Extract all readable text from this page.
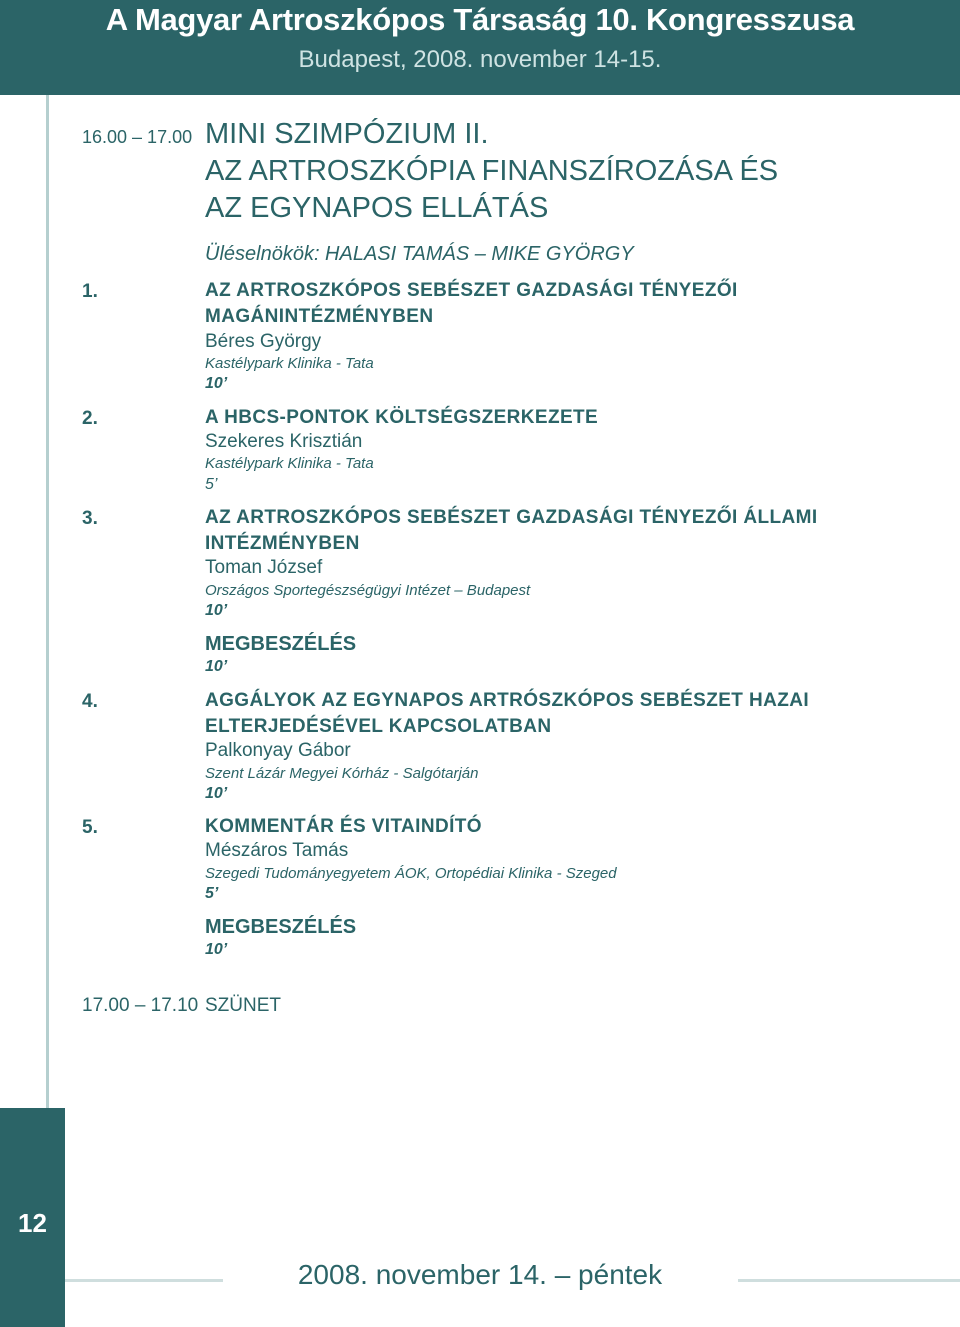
A Magyar Artroszkópos Társaság 10. Kongresszusa
Budapest, 2008. november 14-15.
16.00 – 17.00 MINI SZIMPÓZIUM II.
AZ ARTROSZKÓPIA FINANSZÍROZÁSA ÉS
AZ EGYNAPOS ELLÁTÁS
Üléselnökök: HALASI TAMÁS – MIKE GYÖRGY
1.	AZ ARTROSZKÓPOS SEBÉSZET GAZDASÁGI TÉNYEZŐI
MAGÁNINTÉZMÉNYBEN
Béres György
Kastélypark Klinika - Tata
10’
2.	A HBCS-PONTOK KÖLTSÉGSZERKEZETE
Szekeres Krisztián
Kastélypark Klinika - Tata
5’
3.	AZ ARTROSZKÓPOS SEBÉSZET GAZDASÁGI TÉNYEZŐI ÁLLAMI
INTÉZMÉNYBEN
Toman József
Országos Sportegészségügyi Intézet – Budapest
10’
MEGBESZÉLÉS
10’
4.	AGGÁLYOK AZ EGYNAPOS ARTRÓSZKÓPOS SEBÉSZET HAZAI
ELTERJEDÉSÉVEL KAPCSOLATBAN
Palkonyay Gábor
Szent Lázár Megyei Kórház - Salgótarján
10’
5.	KOMMENTÁR ÉS VITAINDÍTÓ
Mészáros Tamás
Szegedi Tudományegyetem ÁOK, Ortopédiai Klinika - Szeged
5’
MEGBESZÉLÉS
10’
17.00 – 17.10 SZÜNET
12
2008. november 14. – péntek
